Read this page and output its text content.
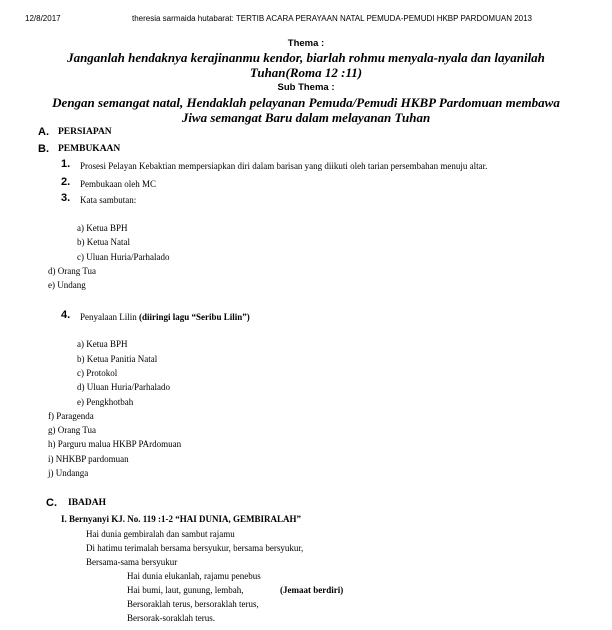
12/8/2017	theresia sarmaida hutabarat: TERTIB ACARA PERAYAAN NATAL PEMUDA-PEMUDI HKBP PARDOMUAN 2013
Thema :
Janganlah hendaknya kerajinanmu kendor, biarlah rohmu menyala-nyala dan layanilah
Tuhan(Roma 12 :11)
Sub Thema :
Dengan semangat natal, Hendaklah pelayanan Pemuda/Pemudi HKBP Pardomuan membawa
Jiwa semangat Baru dalam melayanan Tuhan
A. PERSIAPAN
B. PEMBUKAAN
1. Prosesi Pelayan Kebaktian mempersiapkan diri dalam barisan yang diikuti oleh tarian persembahan menuju altar.
2. Pembukaan oleh MC
3. Kata sambutan:
a) Ketua BPH
b) Ketua Natal
c) Uluan Huria/Parhalado
d) Orang Tua
e) Undang
4. Penyalaan Lilin (diiringi lagu “Seribu Lilin”)
a) Ketua BPH
b) Ketua Panitia Natal
c) Protokol
d) Uluan Huria/Parhalado
e) Pengkhotbah
f) Paragenda
g) Orang Tua
h) Parguru malua HKBP PArdomuan
i) NHKBP pardomuan
j) Undanga
C. IBADAH
I. Bernyanyi KJ. No. 119 :1-2 “HAI DUNIA, GEMBIRALAH”
Hai dunia gembiralah dan sambut rajamu
Di hatimu terimalah bersama bersyukur, bersama bersyukur,
Bersama-sama bersyukur
Hai dunia elukanlah, rajamu penebus
Hai bumi, laut, gunung, lembah,	(Jemaat berdiri)
Bersoraklah terus, bersoraklah terus,
Bersorak-soraklah terus.
